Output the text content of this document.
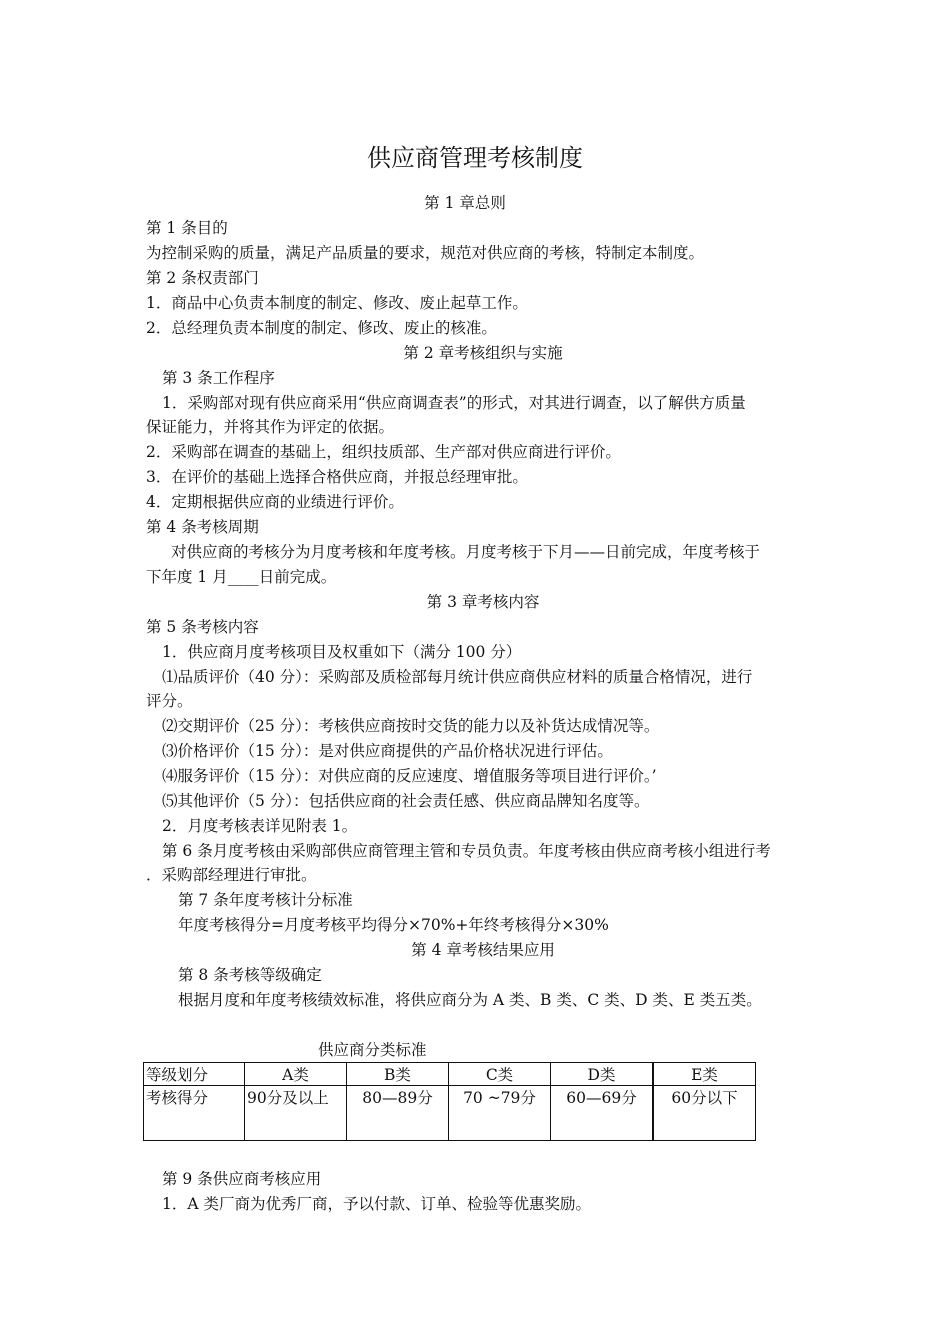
供应商管理考核制度
第 1 章总则
第 1 条目的
为控制采购的质量，满足产品质量的要求，规范对供应商的考核，特制定本制度。
第 2 条权责部门
1．商品中心负责本制度的制定、修改、废止起草工作。
2．总经理负责本制度的制定、修改、废止的核准。
第 2 章考核组织与实施
第 3 条工作程序
1．采购部对现有供应商采用“供应商调查表”的形式，对其进行调查，以了解供方质量
保证能力，并将其作为评定的依据。
2．采购部在调查的基础上，组织技质部、生产部对供应商进行评价。
3．在评价的基础上选择合格供应商，并报总经理审批。
4．定期根据供应商的业绩进行评价。
第 4 条考核周期
对供应商的考核分为月度考核和年度考核。月度考核于下月——日前完成，年度考核于
下年度 1 月____日前完成。
第 3 章考核内容
第 5 条考核内容
1．供应商月度考核项目及权重如下（满分 100 分）
⑴品质评价（40 分）：采购部及质检部每月统计供应商供应材料的质量合格情况，进行
评分。
⑵交期评价（25 分）：考核供应商按时交货的能力以及补货达成情况等。
⑶价格评价（15 分）：是对供应商提供的产品价格状况进行评估。
⑷服务评价（15 分）：对供应商的反应速度、增值服务等项目进行评价。’
⑸其他评价（5 分）：包括供应商的社会责任感、供应商品牌知名度等。
2．月度考核表详见附表 1。
第 6 条月度考核由采购部供应商管理主管和专员负责。年度考核由供应商考核小组进行考
．采购部经理进行审批。
第 7 条年度考核计分标准
年度考核得分=月度考核平均得分×70%+年终考核得分×30%
第 4 章考核结果应用
第 8 条考核等级确定
根据月度和年度考核绩效标准，将供应商分为 A 类、B 类、C 类、D 类、E 类五类。
供应商分类标准
等级划分	A类	B类	C类	D类	E类
考核得分	90分及以上	80—89分	70 ~79分	60—69分	60分以下
第 9 条供应商考核应用
1．A 类厂商为优秀厂商，予以付款、订单、检验等优惠奖励。
